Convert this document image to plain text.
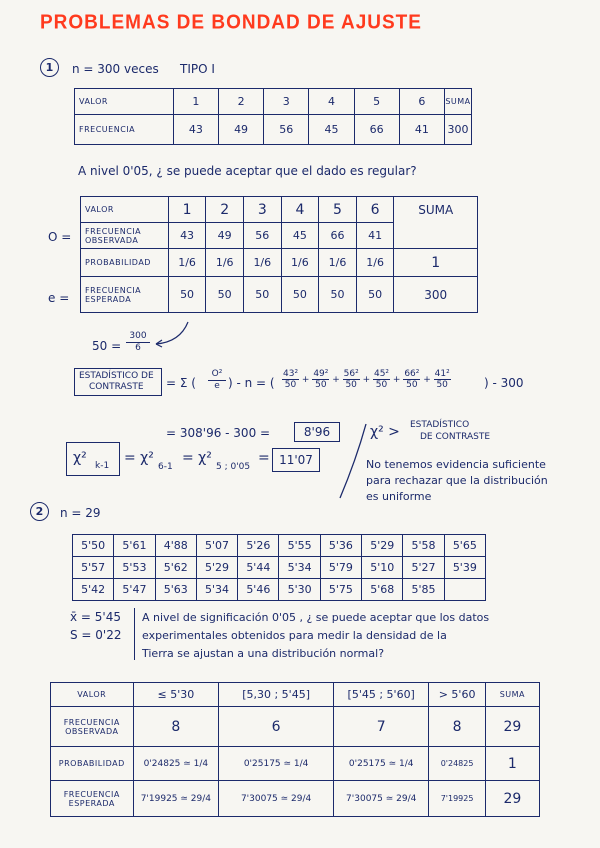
PROBLEMAS DE BONDAD DE AJUSTE
1	n = 300 veces TIPO I
VALOR	1	2	3	4	5	6	SUMA
FRECUENCIA	43	49	56	45	66	41	300
A nivel 0'05, ¿ se puede aceptar que el dado es regular?
O =
e =
VALOR	1	2	3	4	5	6	SUMA
FRECUENCIA OBSERVADA	43	49	56	45	66	41	
PROBABILIDAD	1/6	1/6	1/6	1/6	1/6	1/6	1
FRECUENCIA ESPERADA	50	50	50	50	50	50	300
$50 = \frac{300}{6}$
ESTADÍSTICO DE
CONTRASTE = Σ (
O²
e ) - n = ( $\frac{\text{43²}}{50} + \frac{\text{49²}}{50} + \frac{\text{56²}}{50} + \frac{\text{45²}}{50} + \frac{\text{66²}}{50} + \frac{\text{41²}}{50}$	) - 300
= 308'96 - 300 =	8'96
χ² k-1 = χ²
6-1
= χ²
5 ; 0'05
= 11'07
χ² > ESTADÍSTICO
DE CONTRASTE
No tenemos evidencia suficiente
para rechazar que la distribución
es uniforme
2	n = 29
5'50	5'61	4'88	5'07	5'26	5'55	5'36	5'29	5'58	5'65
5'57	5'53	5'62	5'29	5'44	5'34	5'79	5'10	5'27	5'39
5'42	5'47	5'63	5'34	5'46	5'30	5'75	5'68	5'85	
x̄ = 5'45
S = 0'22
A nivel de significación 0'05 , ¿ se puede aceptar que los datos
experimentales obtenidos para medir la densidad de la
Tierra se ajustan a una distribución normal?
VALOR	≤ 5'30	[5,30 ; 5'45]	[5'45 ; 5'60]	> 5'60	SUMA
FRECUENCIA OBSERVADA	8	6	7	8	29
PROBABILIDAD	0'24825 ≃ 1/4	0'25175 ≃ 1/4	0'25175 ≃ 1/4	0'24825	1
FRECUENCIA ESPERADA	7'19925 ≃ 29/4	7'30075 ≃ 29/4	7'30075 ≃ 29/4	7'19925	29
